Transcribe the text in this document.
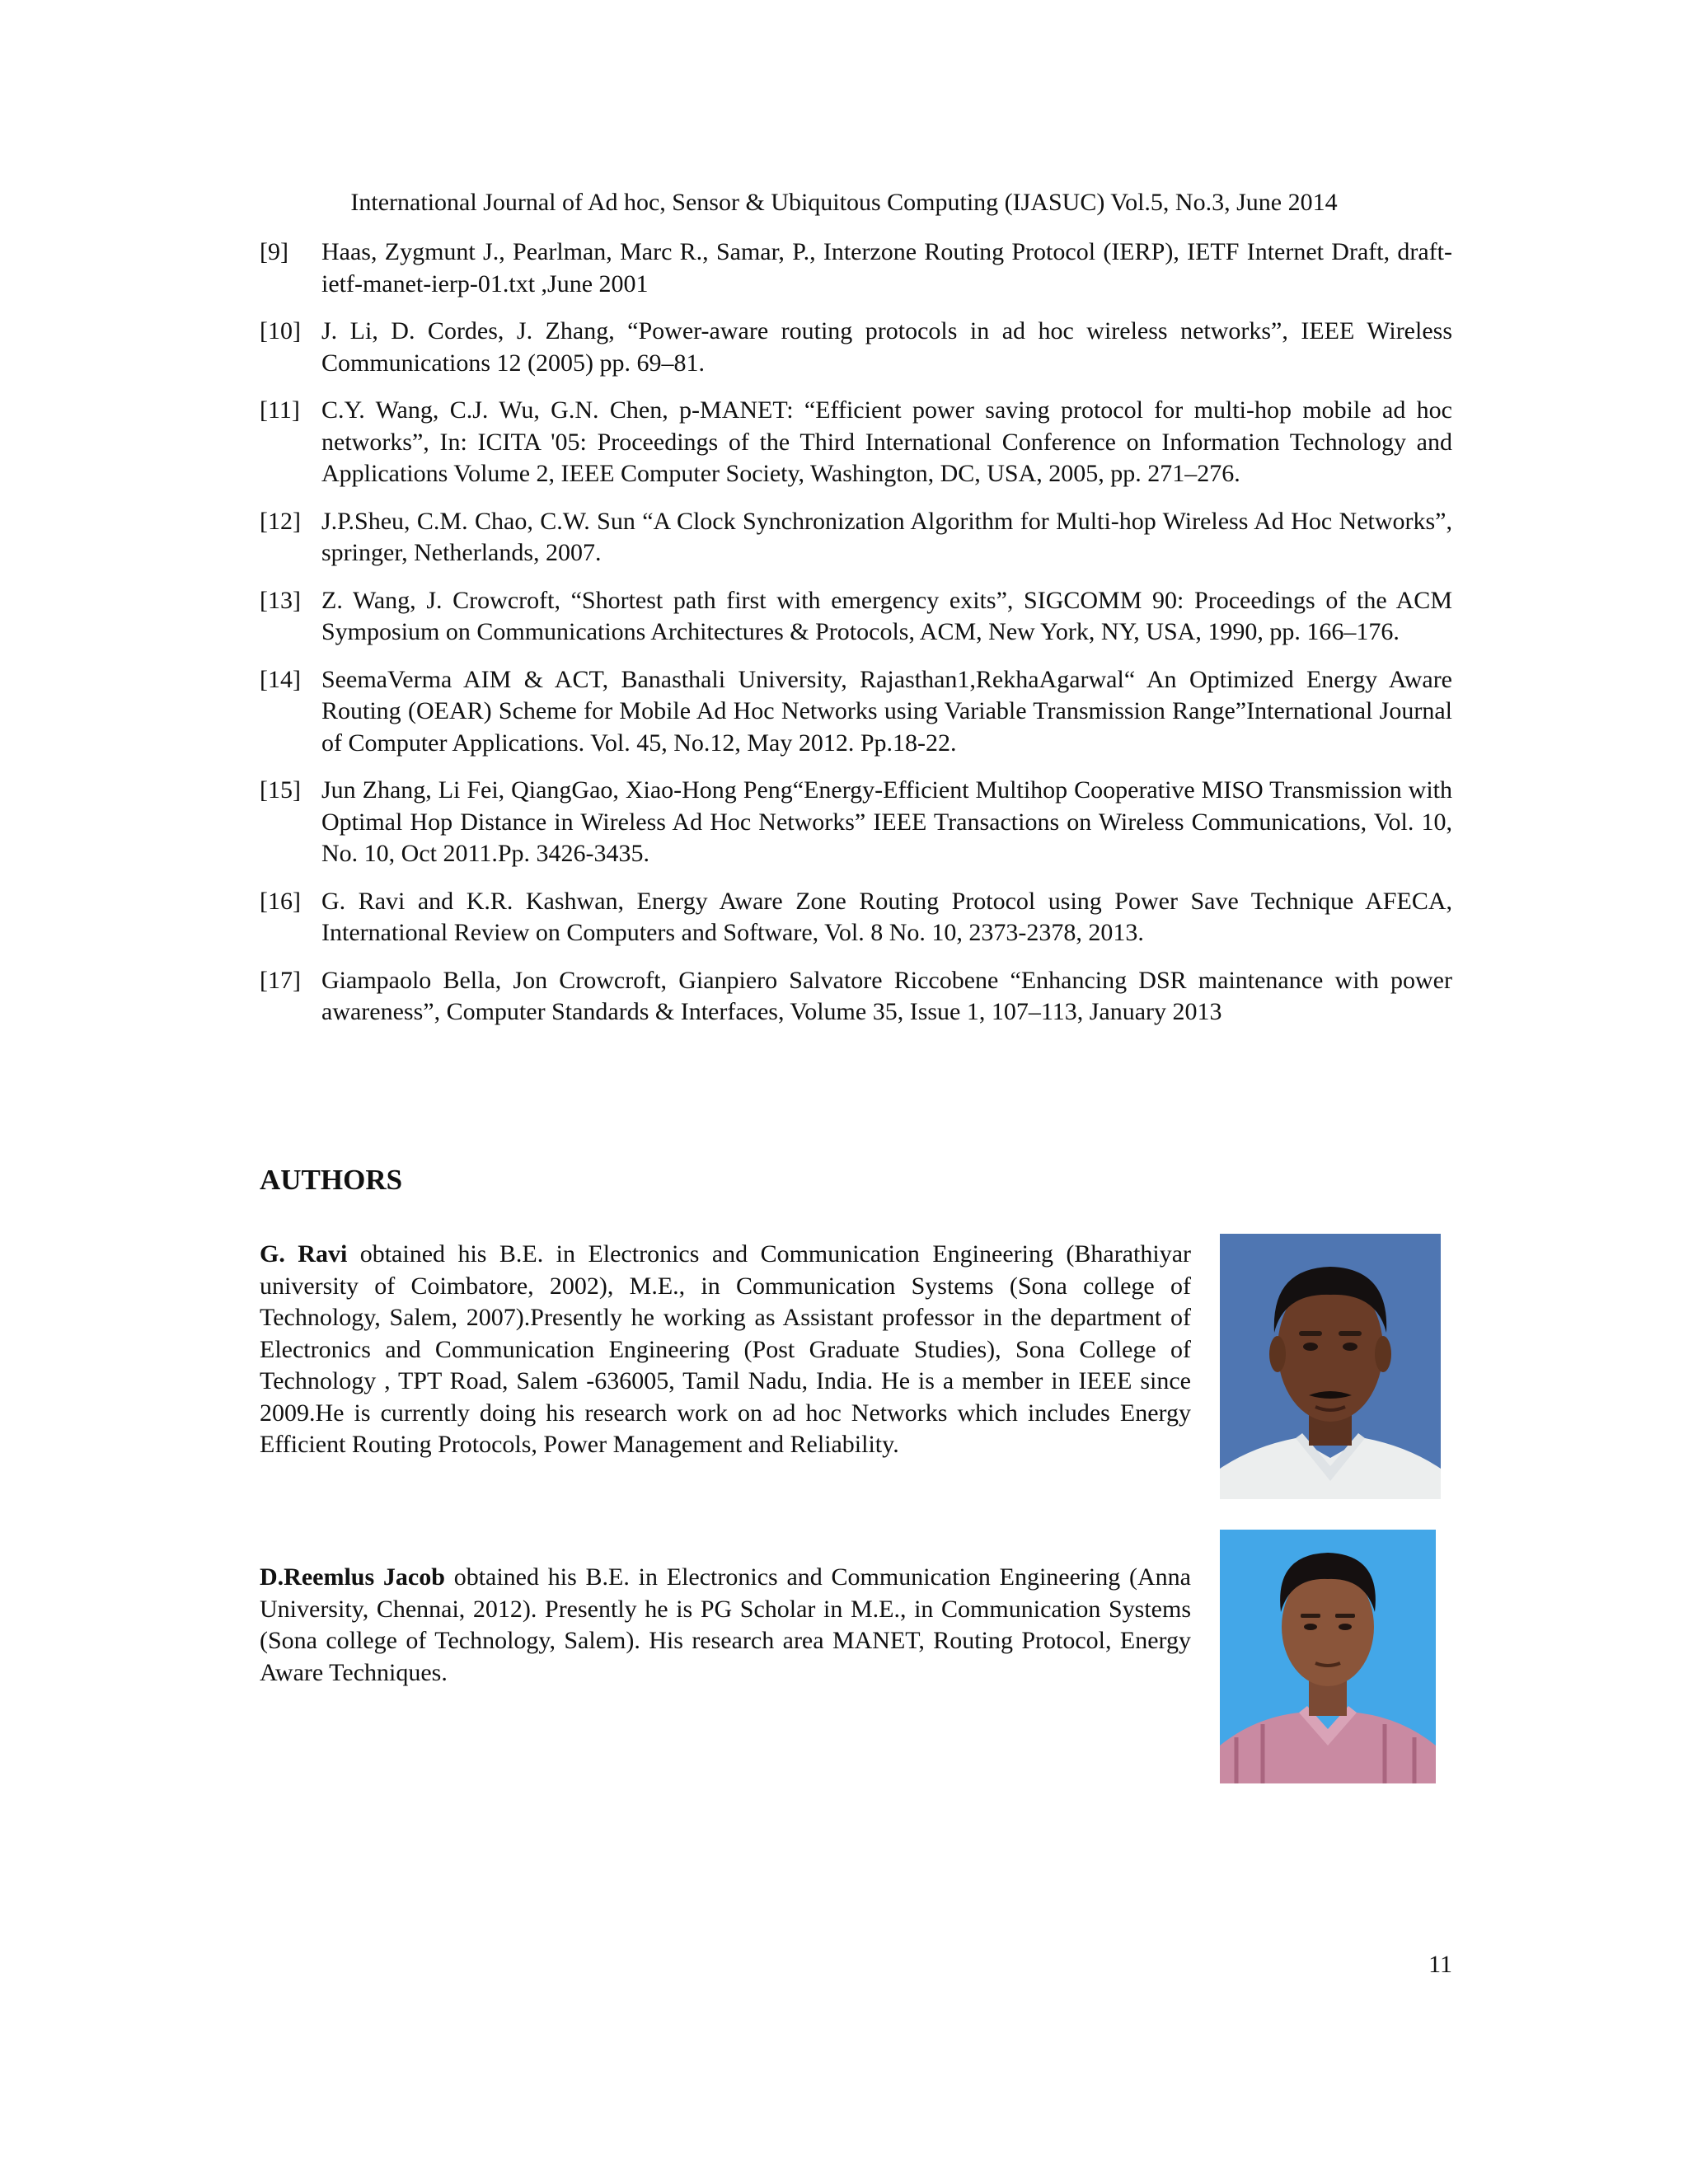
International Journal of Ad hoc, Sensor & Ubiquitous Computing (IJASUC) Vol.5, No.3, June 2014
[9] Haas, Zygmunt J., Pearlman, Marc R., Samar, P., Interzone Routing Protocol (IERP), IETF Internet Draft, draft-ietf-manet-ierp-01.txt ,June 2001
[10] J. Li, D. Cordes, J. Zhang, “Power-aware routing protocols in ad hoc wireless networks”, IEEE Wireless Communications 12 (2005) pp. 69–81.
[11] C.Y. Wang, C.J. Wu, G.N. Chen, p-MANET: “Efficient power saving protocol for multi-hop mobile ad hoc networks”, In: ICITA '05: Proceedings of the Third International Conference on Information Technology and Applications Volume 2, IEEE Computer Society, Washington, DC, USA, 2005, pp. 271–276.
[12] J.P.Sheu, C.M. Chao, C.W. Sun “A Clock Synchronization Algorithm for Multi-hop Wireless Ad Hoc Networks”, springer, Netherlands, 2007.
[13] Z. Wang, J. Crowcroft, “Shortest path first with emergency exits”, SIGCOMM 90: Proceedings of the ACM Symposium on Communications Architectures & Protocols, ACM, New York, NY, USA, 1990, pp. 166–176.
[14] SeemaVerma AIM & ACT, Banasthali University, Rajasthan1,RekhaAgarwal“ An Optimized Energy Aware Routing (OEAR) Scheme for Mobile Ad Hoc Networks using Variable Transmission Range”International Journal of Computer Applications. Vol. 45, No.12, May 2012. Pp.18-22.
[15] Jun Zhang, Li Fei, QiangGao, Xiao-Hong Peng“Energy-Efficient Multihop Cooperative MISO Transmission with Optimal Hop Distance in Wireless Ad Hoc Networks” IEEE Transactions on Wireless Communications, Vol. 10, No. 10, Oct 2011.Pp. 3426-3435.
[16] G. Ravi and K.R. Kashwan, Energy Aware Zone Routing Protocol using Power Save Technique AFECA, International Review on Computers and Software, Vol. 8 No. 10, 2373-2378, 2013.
[17] Giampaolo Bella, Jon Crowcroft, Gianpiero Salvatore Riccobene “Enhancing DSR maintenance with power awareness”, Computer Standards & Interfaces, Volume 35, Issue 1, 107–113, January 2013
AUTHORS

G. Ravi obtained his B.E. in Electronics and Communication Engineering (Bharathiyar university of Coimbatore, 2002), M.E., in Communication Systems (Sona college of Technology, Salem, 2007).Presently he working as Assistant professor in the department of Electronics and Communication Engineering (Post Graduate Studies), Sona College of Technology , TPT Road, Salem -636005, Tamil Nadu, India. He is a member in IEEE since 2009.He is currently doing his research work on ad hoc Networks which includes Energy Efficient Routing Protocols, Power Management and Reliability.

D.Reemlus Jacob obtained his B.E. in Electronics and Communication Engineering (Anna University, Chennai, 2012). Presently he is PG Scholar in M.E., in Communication Systems (Sona college of Technology, Salem). His research area MANET, Routing Protocol, Energy Aware Techniques.

11
